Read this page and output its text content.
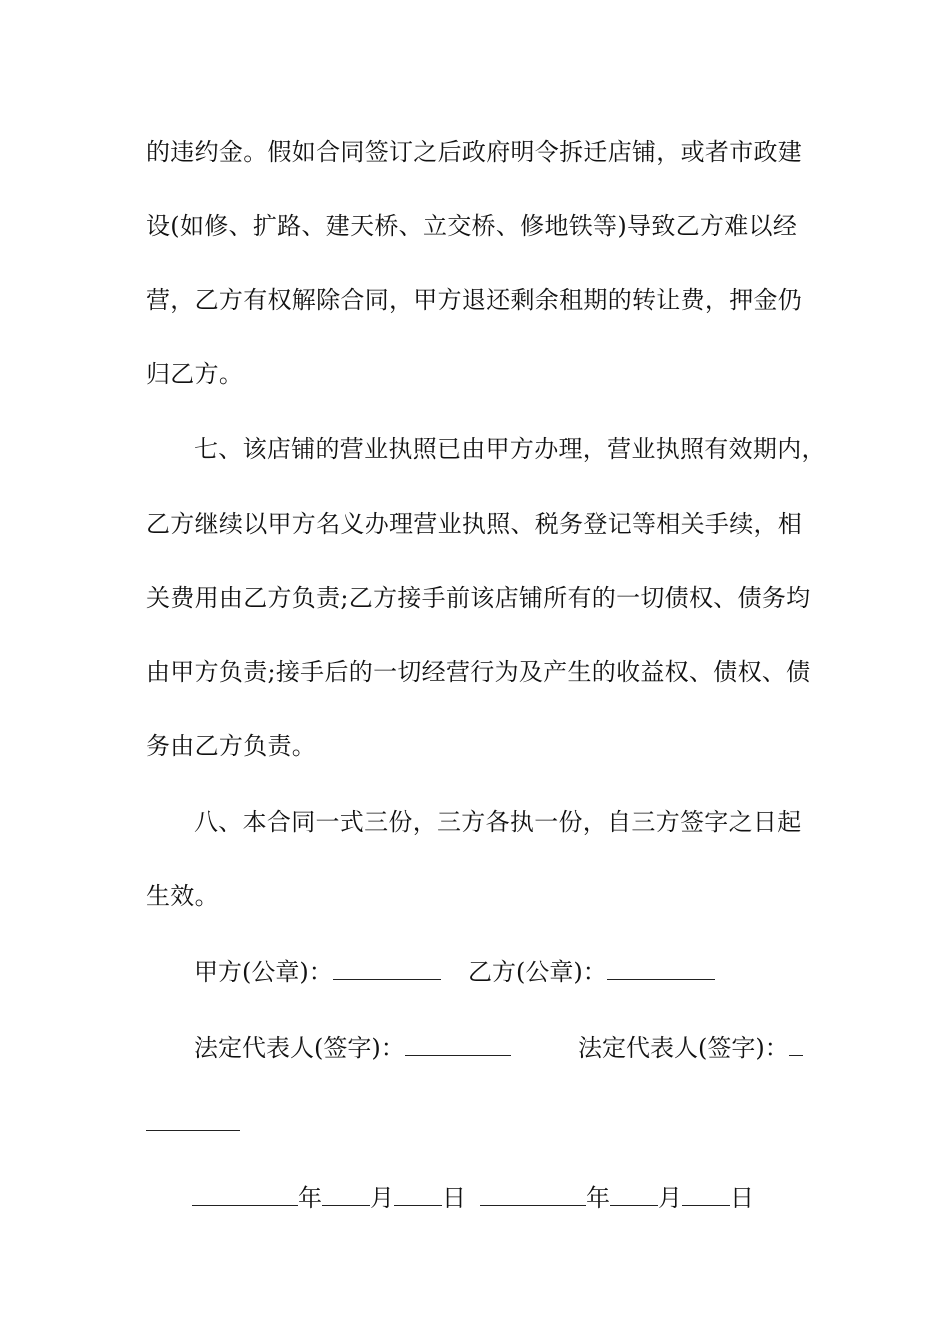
的违约金。假如合同签订之后政府明令拆迁店铺，或者市政建
设(如修、扩路、建天桥、立交桥、修地铁等)导致乙方难以经
营，乙方有权解除合同，甲方退还剩余租期的转让费，押金仍
归乙方。
七、该店铺的营业执照已由甲方办理，营业执照有效期内，
乙方继续以甲方名义办理营业执照、税务登记等相关手续，相
关费用由乙方负责;乙方接手前该店铺所有的一切债权、债务均
由甲方负责;接手后的一切经营行为及产生的收益权、债权、债
务由乙方负责。
八、本合同一式三份，三方各执一份，自三方签字之日起
生效。
甲方(公章)：	乙方(公章)：
法定代表人(签字)：	法定代表人(签字)：
年 月 日	年 月 日
